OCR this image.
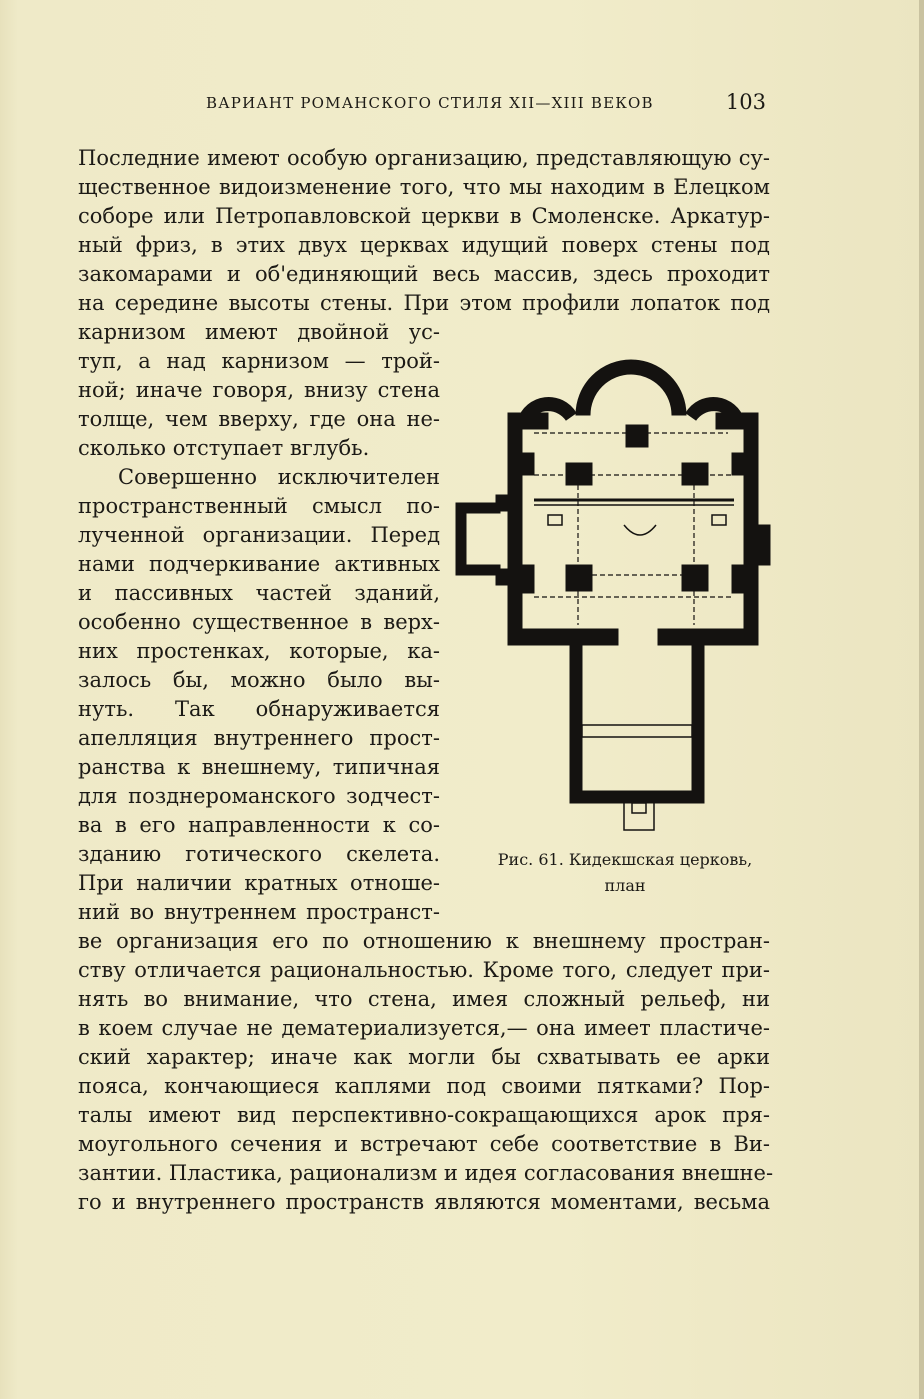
ВАРИАНТ РОМАНСКОГО СТИЛЯ XII—XIII ВЕКОВ	103
Последние имеют особую организацию, представляющую су-
щественное видоизменение того, что мы находим в Елецком
соборе или Петропавловской церкви в Смоленске. Аркатур-
ный фриз, в этих двух церквах идущий поверх стены под
закомарами и об'единяющий весь массив, здесь проходит
на середине высоты стены. При этом профили лопаток под
карнизом имеют двойной ус-
туп, а над карнизом — трой-
ной; иначе говоря, внизу стена
толще, чем вверху, где она не-
сколько отступает вглубь.
Совершенно исключителен
пространственный смысл по-
лученной организации. Перед
нами подчеркивание активных
и пассивных частей зданий,
особенно существенное в верх-
них простенках, которые, ка-
залось бы, можно было вы-
нуть. Так обнаруживается
апелляция внутреннего прост-
ранства к внешнему, типичная
для позднероманского зодчест-
ва в его направленности к со-
зданию готического скелета.
При наличии кратных отноше-
ний во внутреннем пространст-
ве организация его по отношению к внешнему простран-
ству отличается рациональностью. Кроме того, следует при-
нять во внимание, что стена, имея сложный рельеф, ни
в коем случае не дематериализуется,— она имеет пластиче-
ский характер; иначе как могли бы схватывать ее арки
пояса, кончающиеся каплями под своими пятками? Пор-
талы имеют вид перспективно-сокращающихся арок пря-
моугольного сечения и встречают себе соответствие в Ви-
зантии. Пластика, рационализм и идея согласования внешне-
го и внутреннего пространств являются моментами, весьма
Рис. 61. Кидекшская церковь,
план
